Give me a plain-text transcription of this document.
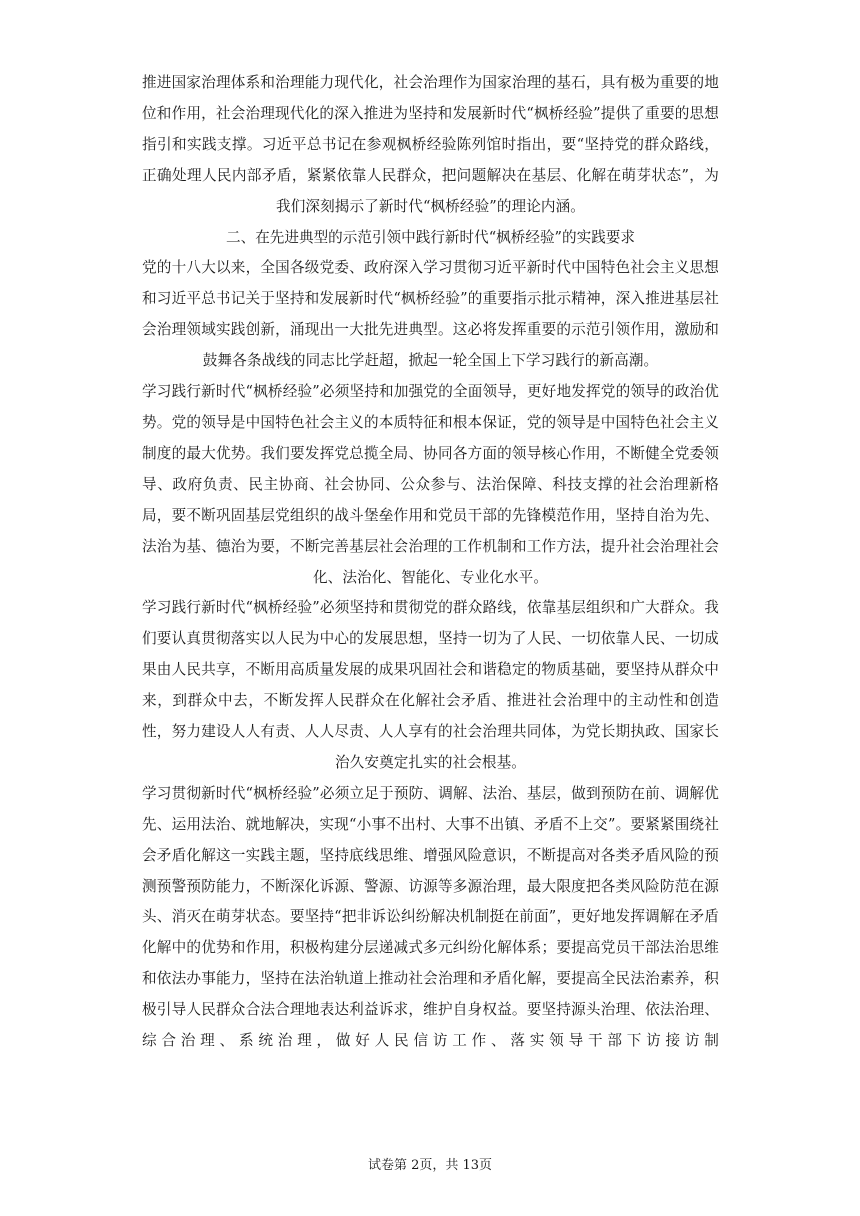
推进国家治理体系和治理能力现代化，社会治理作为国家治理的基石，具有极为重要的地位和作用，社会治理现代化的深入推进为坚持和发展新时代“枫桥经验”提供了重要的思想指引和实践支撑。习近平总书记在参观枫桥经验陈列馆时指出，要“坚持党的群众路线，正确处理人民内部矛盾，紧紧依靠人民群众，把问题解决在基层、化解在萌芽状态”，为我们深刻揭示了新时代“枫桥经验”的理论内涵。

二、在先进典型的示范引领中践行新时代“枫桥经验”的实践要求

党的十八大以来，全国各级党委、政府深入学习贯彻习近平新时代中国特色社会主义思想和习近平总书记关于坚持和发展新时代“枫桥经验”的重要指示批示精神，深入推进基层社会治理领域实践创新，涌现出一大批先进典型。这必将发挥重要的示范引领作用，激励和鼓舞各条战线的同志比学赶超，掀起一轮全国上下学习践行的新高潮。

学习践行新时代“枫桥经验”必须坚持和加强党的全面领导，更好地发挥党的领导的政治优势。党的领导是中国特色社会主义的本质特征和根本保证，党的领导是中国特色社会主义制度的最大优势。我们要发挥党总揽全局、协同各方面的领导核心作用，不断健全党委领导、政府负责、民主协商、社会协同、公众参与、法治保障、科技支撑的社会治理新格局，要不断巩固基层党组织的战斗堡垒作用和党员干部的先锋模范作用，坚持自治为先、法治为基、德治为要，不断完善基层社会治理的工作机制和工作方法，提升社会治理社会化、法治化、智能化、专业化水平。

学习践行新时代“枫桥经验”必须坚持和贯彻党的群众路线，依靠基层组织和广大群众。我们要认真贯彻落实以人民为中心的发展思想，坚持一切为了人民、一切依靠人民、一切成果由人民共享，不断用高质量发展的成果巩固社会和谐稳定的物质基础，要坚持从群众中来，到群众中去，不断发挥人民群众在化解社会矛盾、推进社会治理中的主动性和创造性，努力建设人人有责、人人尽责、人人享有的社会治理共同体，为党长期执政、国家长治久安奠定扎实的社会根基。

学习贯彻新时代“枫桥经验”必须立足于预防、调解、法治、基层，做到预防在前、调解优先、运用法治、就地解决，实现“小事不出村、大事不出镇、矛盾不上交”。要紧紧围绕社会矛盾化解这一实践主题，坚持底线思维、增强风险意识，不断提高对各类矛盾风险的预测预警预防能力，不断深化诉源、警源、访源等多源治理，最大限度把各类风险防范在源头、消灭在萌芽状态。要坚持“把非诉讼纠纷解决机制挺在前面”，更好地发挥调解在矛盾化解中的优势和作用，积极构建分层递减式多元纠纷化解体系；要提高党员干部法治思维和依法办事能力，坚持在法治轨道上推动社会治理和矛盾化解，要提高全民法治素养，积极引导人民群众合法合理地表达利益诉求，维护自身权益。要坚持源头治理、依法治理、综合治理、系统治理，做好人民信访工作、落实领导干部下访接访制

试卷第 2页，共 13页
